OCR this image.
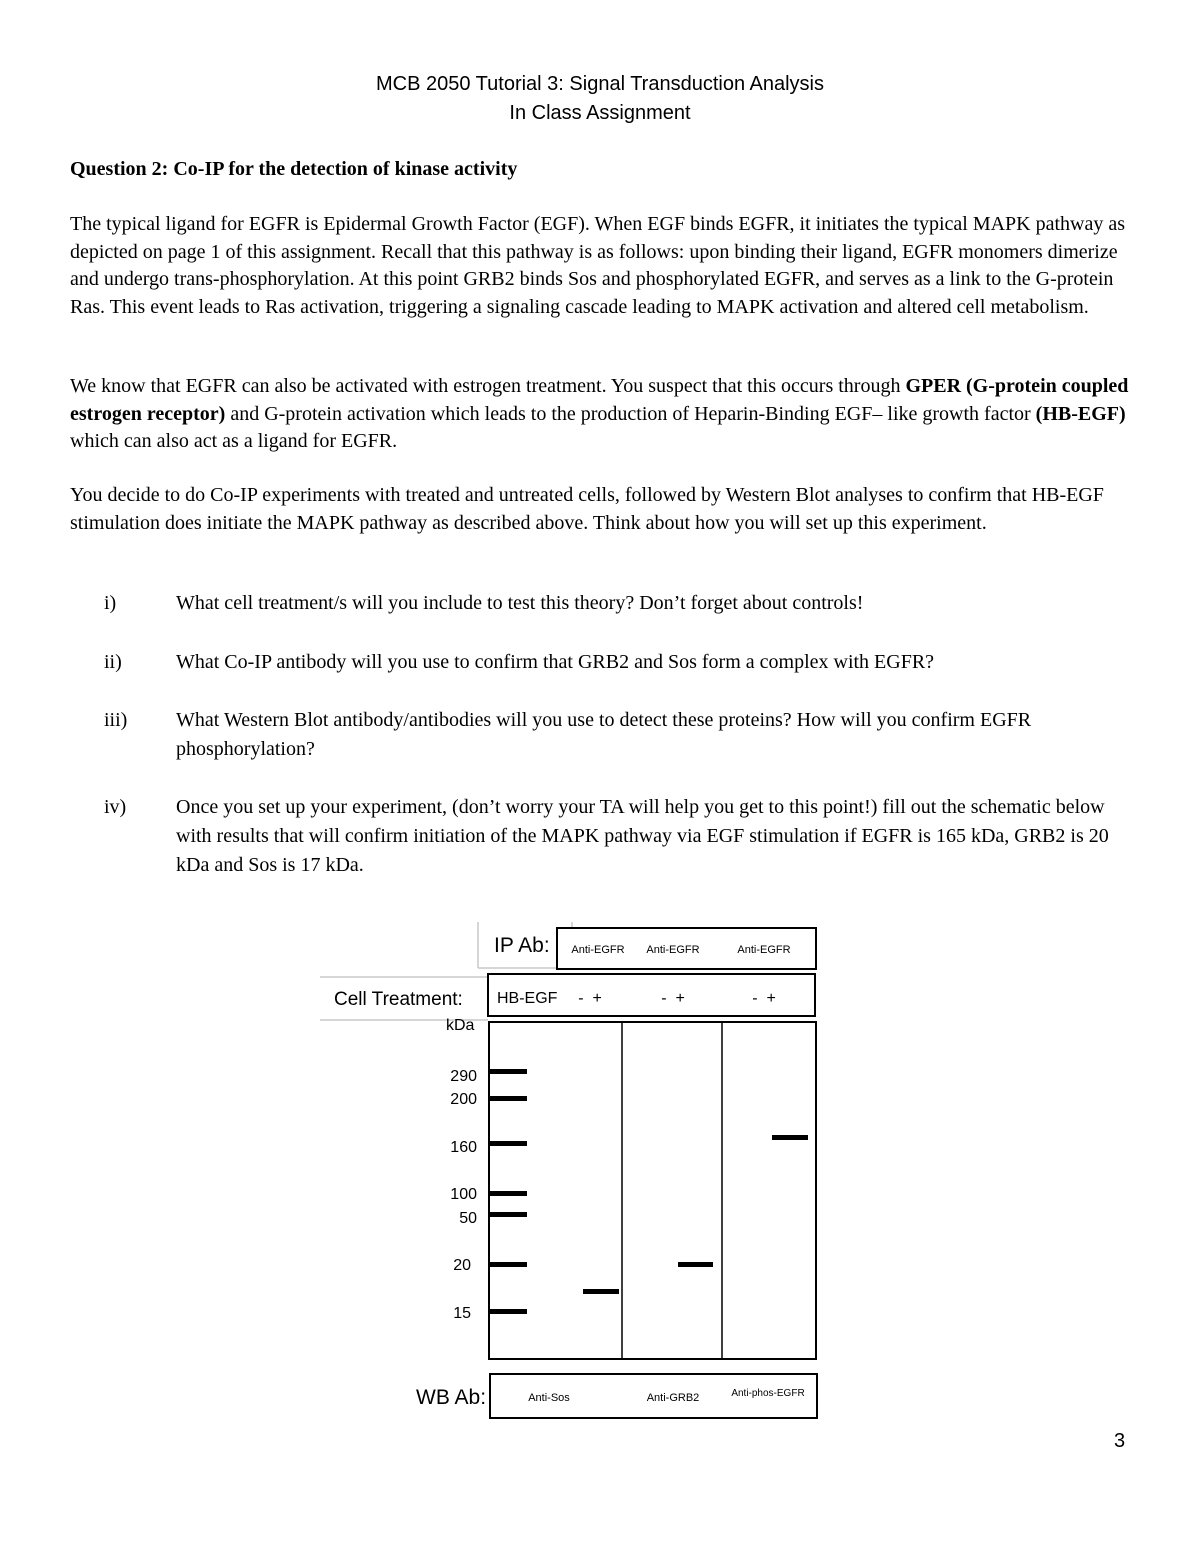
MCB 2050 Tutorial 3: Signal Transduction Analysis
In Class Assignment
Question 2: Co-IP for the detection of kinase activity
The typical ligand for EGFR is Epidermal Growth Factor (EGF). When EGF binds EGFR, it initiates the typical MAPK pathway as depicted on page 1 of this assignment. Recall that this pathway is as follows: upon binding their ligand, EGFR monomers dimerize and undergo trans-phosphorylation. At this point GRB2 binds Sos and phosphorylated EGFR, and serves as a link to the G-protein Ras. This event leads to Ras activation, triggering a signaling cascade leading to MAPK activation and altered cell metabolism.
We know that EGFR can also be activated with estrogen treatment. You suspect that this occurs through GPER (G-protein coupled estrogen receptor) and G-protein activation which leads to the production of Heparin-Binding EGF– like growth factor (HB-EGF) which can also act as a ligand for EGFR.
You decide to do Co-IP experiments with treated and untreated cells, followed by Western Blot analyses to confirm that HB-EGF stimulation does initiate the MAPK pathway as described above. Think about how you will set up this experiment.
i)	What cell treatment/s will you include to test this theory? Don’t forget about controls!
ii)	What Co-IP antibody will you use to confirm that GRB2 and Sos form a complex with EGFR?
iii) What Western Blot antibody/antibodies will you use to detect these proteins? How will you confirm EGFR phosphorylation?
iv) Once you set up your experiment, (don’t worry your TA will help you get to this point!) fill out the schematic below with results that will confirm initiation of the MAPK pathway via EGF stimulation if EGFR is 165 kDa, GRB2 is 20 kDa and Sos is 17 kDa.
IP Ab: Anti-EGFR Anti-EGFR	Anti-EGFR
Cell Treatment: HB-EGF -  +	-  +	-  +
kDa
290
200
160
100
50
20
15
WB Ab:	Anti-Sos	Anti-GRB2	Anti-phos-EGFR
3
